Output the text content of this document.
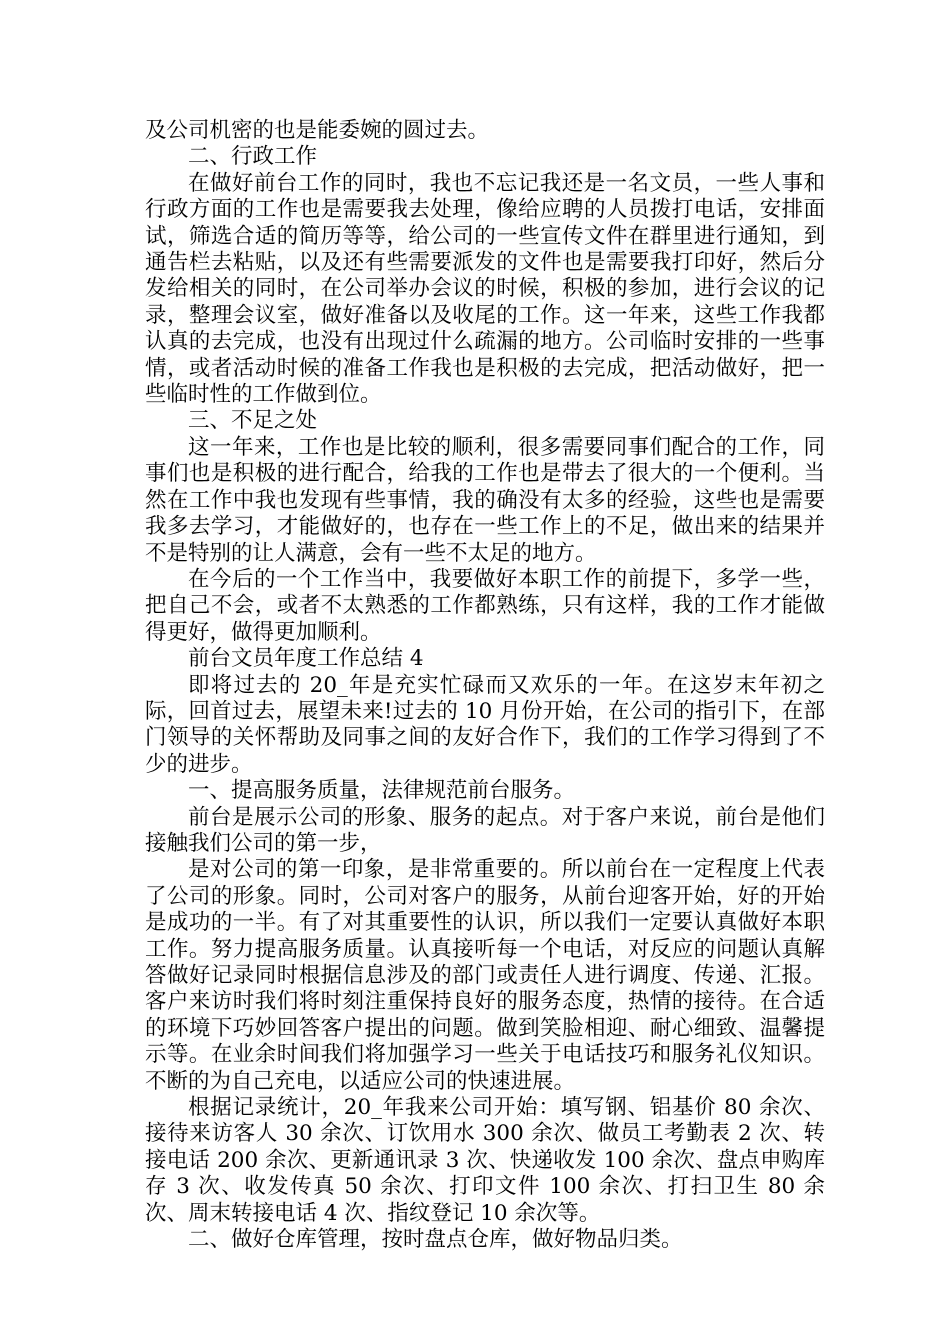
及公司机密的也是能委婉的圆过去。

二、行政工作

在做好前台工作的同时，我也不忘记我还是一名文员，一些人事和行政方面的工作也是需要我去处理，像给应聘的人员拨打电话，安排面试，筛选合适的简历等等，给公司的一些宣传文件在群里进行通知，到通告栏去粘贴，以及还有些需要派发的文件也是需要我打印好，然后分发给相关的同时，在公司举办会议的时候，积极的参加，进行会议的记录，整理会议室，做好准备以及收尾的工作。这一年来，这些工作我都认真的去完成，也没有出现过什么疏漏的地方。公司临时安排的一些事情，或者活动时候的准备工作我也是积极的去完成，把活动做好，把一些临时性的工作做到位。

三、不足之处

这一年来，工作也是比较的顺利，很多需要同事们配合的工作，同事们也是积极的进行配合，给我的工作也是带去了很大的一个便利。当然在工作中我也发现有些事情，我的确没有太多的经验，这些也是需要我多去学习，才能做好的，也存在一些工作上的不足，做出来的结果并不是特别的让人满意，会有一些不太足的地方。

在今后的一个工作当中，我要做好本职工作的前提下，多学一些，把自己不会，或者不太熟悉的工作都熟练，只有这样，我的工作才能做得更好，做得更加顺利。

前台文员年度工作总结 4

即将过去的 20_年是充实忙碌而又欢乐的一年。在这岁末年初之际，回首过去，展望未来!过去的 10 月份开始，在公司的指引下，在部门领导的关怀帮助及同事之间的友好合作下，我们的工作学习得到了不少的进步。

一、提高服务质量，法律规范前台服务。

前台是展示公司的形象、服务的起点。对于客户来说，前台是他们接触我们公司的第一步，

是对公司的第一印象，是非常重要的。所以前台在一定程度上代表了公司的形象。同时，公司对客户的服务，从前台迎客开始，好的开始是成功的一半。有了对其重要性的认识，所以我们一定要认真做好本职工作。努力提高服务质量。认真接听每一个电话，对反应的问题认真解答做好记录同时根据信息涉及的部门或责任人进行调度、传递、汇报。客户来访时我们将时刻注重保持良好的服务态度，热情的接待。在合适的环境下巧妙回答客户提出的问题。做到笑脸相迎、耐心细致、温馨提示等。在业余时间我们将加强学习一些关于电话技巧和服务礼仪知识。不断的为自己充电，以适应公司的快速进展。

根据记录统计，20_年我来公司开始：填写钢、铝基价 80 余次、接待来访客人 30 余次、订饮用水 300 余次、做员工考勤表 2 次、转接电话 200 余次、更新通讯录 3 次、快递收发 100 余次、盘点申购库存 3 次、收发传真 50 余次、打印文件 100 余次、打扫卫生 80 余次、周末转接电话 4 次、指纹登记 10 余次等。

二、做好仓库管理，按时盘点仓库，做好物品归类。
